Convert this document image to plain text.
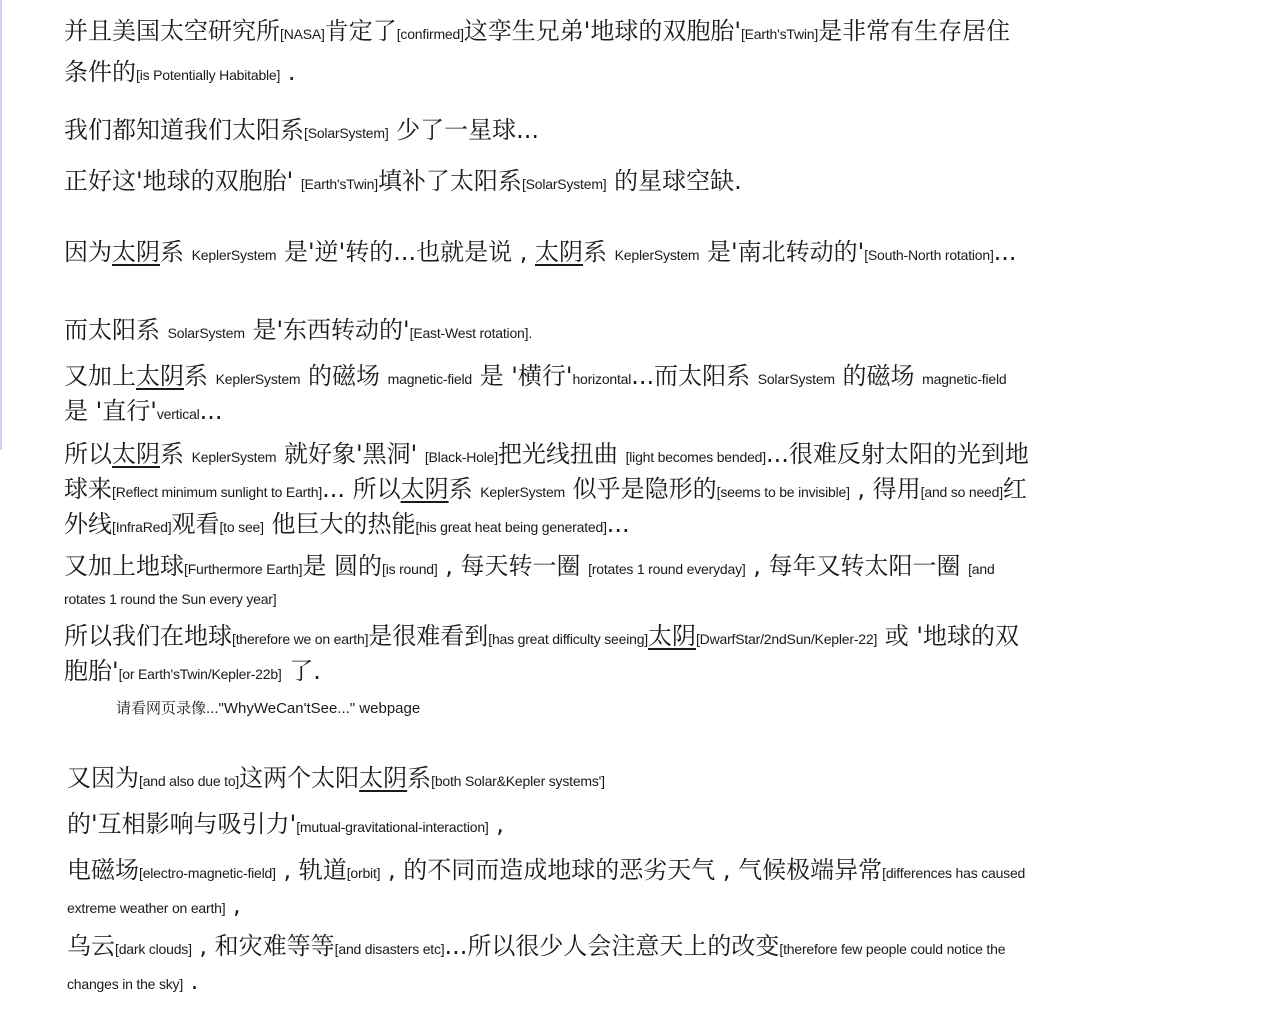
并且美国太空研究所[NASA]肯定了[confirmed]这孪生兄弟'地球的双胞胎'[Earth'sTwin]是非常有生存居住条件的[is Potentially Habitable] .

我们都知道我们太阳系[SolarSystem] 少了一星球...

正好这'地球的双胞胎' [Earth'sTwin]填补了太阳系[SolarSystem] 的星球空缺.

因为太阴系 KeplerSystem 是'逆'转的...也就是说 , 太阴系 KeplerSystem 是'南北转动的'[South-North rotation]...

而太阳系 SolarSystem 是'东西转动的'[East-West rotation].

又加上太阴系 KeplerSystem 的磁场 magnetic-field 是 '横行'horizontal...而太阳系 SolarSystem 的磁场 magnetic-field 是 '直行'vertical...

所以太阴系 KeplerSystem 就好象'黑洞' [Black-Hole]把光线扭曲 [light becomes bended]...很难反射太阳的光到地球来[Reflect minimum sunlight to Earth]... 所以太阴系 KeplerSystem 似乎是隐形的[seems to be invisible] , 得用[and so need]红外线[InfraRed]观看[to see] 他巨大的热能[his great heat being generated]...

又加上地球[Furthermore Earth]是 圆的[is round] , 每天转一圈 [rotates 1 round everyday] , 每年又转太阳一圈 [and rotates 1 round the Sun every year]

所以我们在地球[therefore we on earth]是很难看到[has great difficulty seeing]太阴[DwarfStar/2ndSun/Kepler-22] 或 '地球的双胞胎'[or Earth'sTwin/Kepler-22b] 了.

请看网页录像..."WhyWeCan'tSee..." webpage

又因为[and also due to]这两个太阳太阴系[both Solar&Kepler systems']

的'互相影响与吸引力'[mutual-gravitational-interaction] ,

电磁场[electro-magnetic-field] , 轨道[orbit] , 的不同而造成地球的恶劣天气 , 气候极端异常[differences has caused extreme weather on earth] ,

乌云[dark clouds] , 和灾难等等[and disasters etc]...所以很少人会注意天上的改变[therefore few people could notice the changes in the sky] .
